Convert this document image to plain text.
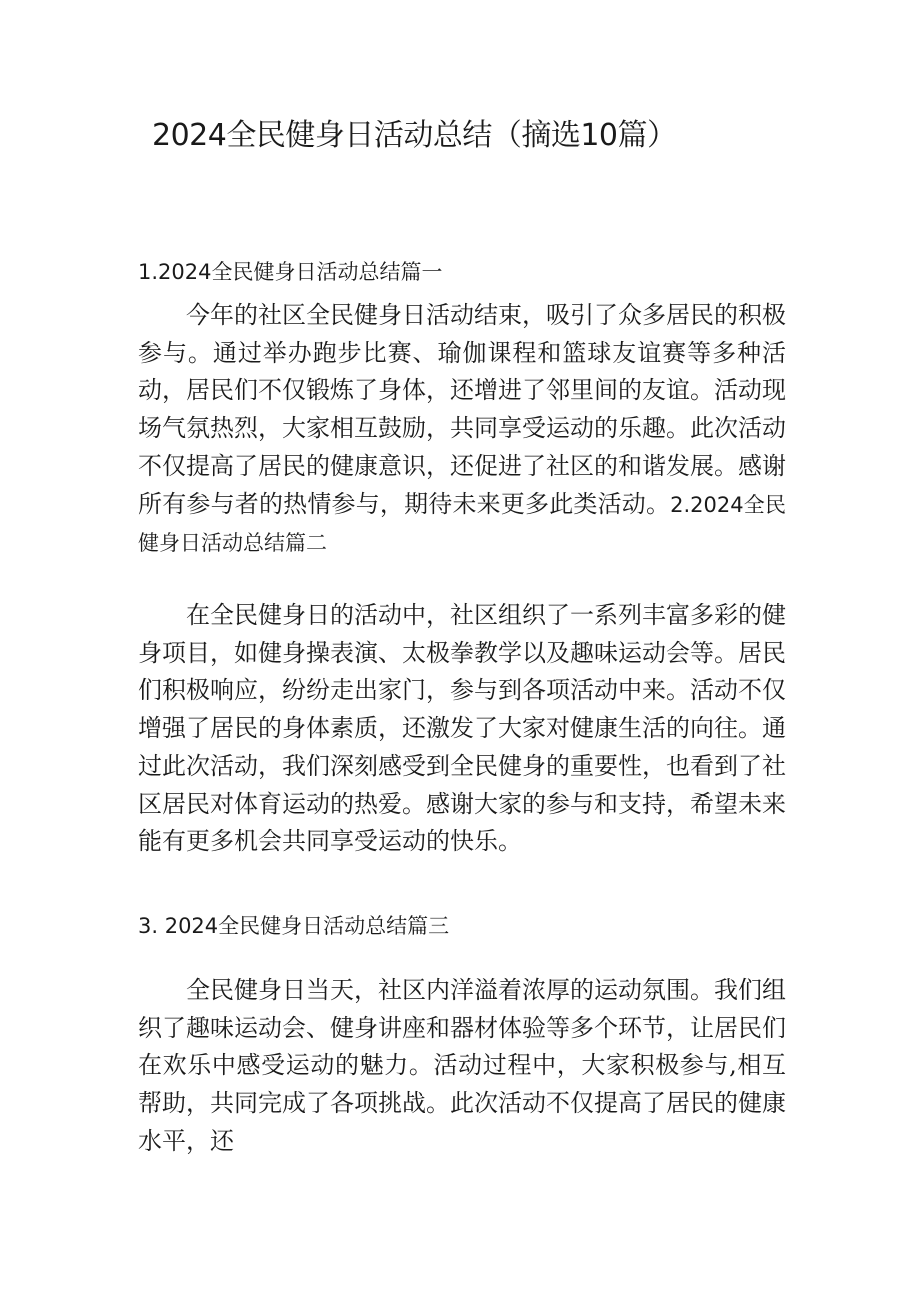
2024全民健身日活动总结（摘选10篇）
1.2024全民健身日活动总结篇一

今年的社区全民健身日活动结束，吸引了众多居民的积极参与。通过举办跑步比赛、瑜伽课程和篮球友谊赛等多种活动，居民们不仅锻炼了身体，还增进了邻里间的友谊。活动现场气氛热烈，大家相互鼓励，共同享受运动的乐趣。此次活动不仅提高了居民的健康意识，还促进了社区的和谐发展。感谢所有参与者的热情参与，期待未来更多此类活动。2.2024全民健身日活动总结篇二

在全民健身日的活动中，社区组织了一系列丰富多彩的健身项目，如健身操表演、太极拳教学以及趣味运动会等。居民们积极响应，纷纷走出家门，参与到各项活动中来。活动不仅增强了居民的身体素质，还激发了大家对健康生活的向往。通过此次活动，我们深刻感受到全民健身的重要性，也看到了社区居民对体育运动的热爱。感谢大家的参与和支持，希望未来能有更多机会共同享受运动的快乐。

3. 2024全民健身日活动总结篇三

全民健身日当天，社区内洋溢着浓厚的运动氛围。我们组织了趣味运动会、健身讲座和器材体验等多个环节，让居民们在欢乐中感受运动的魅力。活动过程中，大家积极参与,相互帮助，共同完成了各项挑战。此次活动不仅提高了居民的健康水平，还
